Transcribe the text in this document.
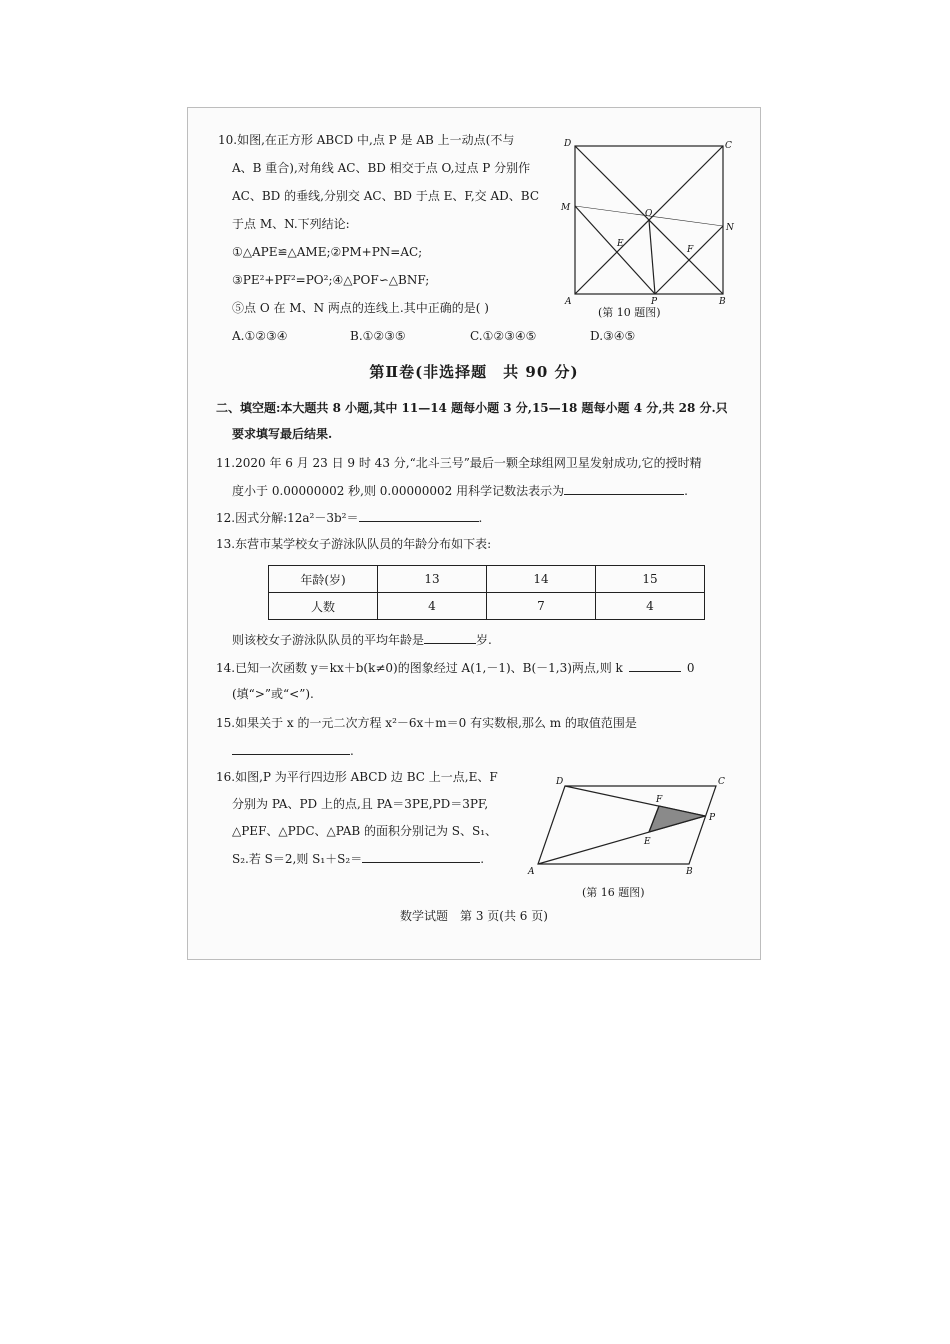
10.如图,在正方形 ABCD 中,点 P 是 AB 上一动点(不与
A、B 重合),对角线 AC、BD 相交于点 O,过点 P 分别作
AC、BD 的垂线,分别交 AC、BD 于点 E、F,交 AD、BC
于点 M、N.下列结论:
①△APE≌△AME;②PM+PN=AC;
③PE²+PF²=PO²;④△POF∽△BNF;
⑤点 O 在 M、N 两点的连线上.其中正确的是( )
A.①②③④	B.①②③⑤	C.①②③④⑤	D.③④⑤
D	C
M
O
N
E
F
A	P	B
(第 10 题图)
第Ⅱ卷(非选择题　共 90 分)
二、填空题:本大题共 8 小题,其中 11—14 题每小题 3 分,15—18 题每小题 4 分,共 28 分.只
要求填写最后结果.
11.2020 年 6 月 23 日 9 时 43 分,“北斗三号”最后一颗全球组网卫星发射成功,它的授时精
度小于 0.00000002 秒,则 0.00000002 用科学记数法表示为	.
12.因式分解:12a²－3b²＝	.
13.东营市某学校女子游泳队队员的年龄分布如下表:
年龄(岁)	13	14	15
人数	4	7	4
则该校女子游泳队队员的平均年龄是	岁.
14.已知一次函数 y＝kx＋b(k≠0)的图象经过 A(1,－1)、B(－1,3)两点,则 k	0
(填“>”或“<”).
15.如果关于 x 的一元二次方程 x²－6x＋m＝0 有实数根,那么 m 的取值范围是
.
16.如图,P 为平行四边形 ABCD 边 BC 上一点,E、F
分别为 PA、PD 上的点,且 PA＝3PE,PD＝3PF,
△PEF、△PDC、△PAB 的面积分别记为 S、S₁、
S₂.若 S＝2,则 S₁＋S₂＝	.
D	C
F
P
E
A	B
(第 16 题图)
数学试题　第 3 页(共 6 页)
